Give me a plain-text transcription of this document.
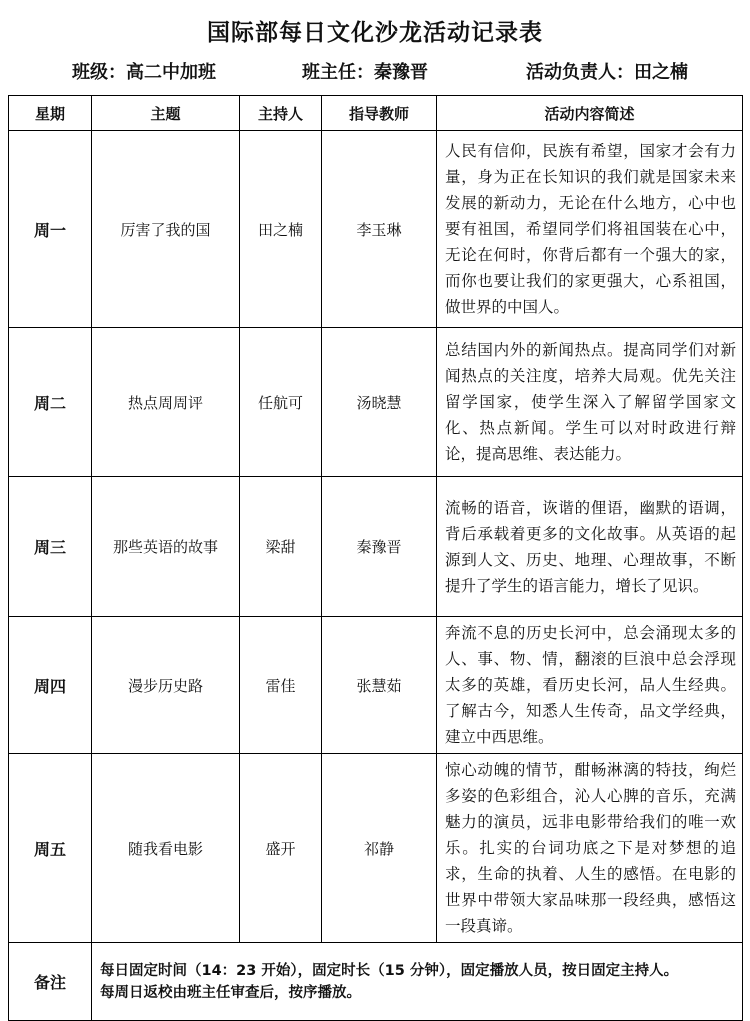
国际部每日文化沙龙活动记录表
班级：高二中加班	班主任：秦豫晋	活动负责人：田之楠
星期	主题	主持人	指导教师	活动内容简述
周一	厉害了我的国	田之楠	李玉琳	人民有信仰，民族有希望，国家才会有力量，身为正在长知识的我们就是国家未来发展的新动力，无论在什么地方，心中也要有祖国，希望同学们将祖国装在心中，无论在何时，你背后都有一个强大的家， 而你也要让我们的家更强大，心系祖国，做世界的中国人。
周二	热点周周评	任航可	汤晓慧	总结国内外的新闻热点。提高同学们对新闻热点的关注度，培养大局观。优先关注留学国家，使学生深入了解留学国家文化、热点新闻。学生可以对时政进行辩论，提高思维、表达能力。
周三	那些英语的故事	梁甜	秦豫晋	流畅的语音，诙谐的俚语，幽默的语调，背后承载着更多的文化故事。从英语的起源到人文、历史、地理、心理故事，不断提升了学生的语言能力，增长了见识。
周四	漫步历史路	雷佳	张慧茹	奔流不息的历史长河中，总会涌现太多的人、事、物、情，翻滚的巨浪中总会浮现太多的英雄，看历史长河，品人生经典。了解古今，知悉人生传奇，品文学经典，建立中西思维。
周五	随我看电影	盛开	祁静	惊心动魄的情节，酣畅淋漓的特技，绚烂多姿的色彩组合，沁人心脾的音乐，充满魅力的演员，远非电影带给我们的唯一欢乐。扎实的台词功底之下是对梦想的追求，生命的执着、人生的感悟。在电影的世界中带领大家品味那一段经典，感悟这一段真谛。
备注	每日固定时间（14：23 开始），固定时长（15 分钟），固定播放人员，按日固定主持人。

每周日返校由班主任审查后，按序播放。			
